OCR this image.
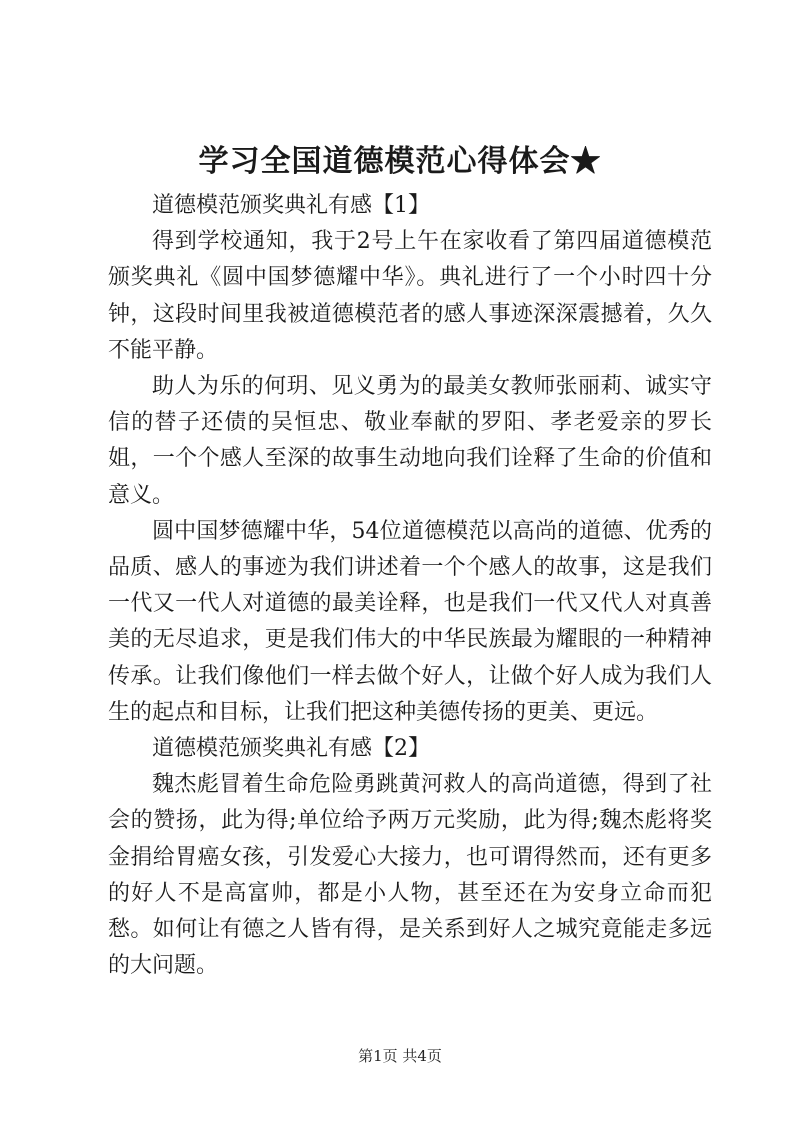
学习全国道德模范心得体会★

道德模范颁奖典礼有感【1】

得到学校通知，我于2号上午在家收看了第四届道德模范颁奖典礼《圆中国梦德耀中华》。典礼进行了一个小时四十分钟，这段时间里我被道德模范者的感人事迹深深震撼着，久久不能平静。

助人为乐的何玥、见义勇为的最美女教师张丽莉、诚实守信的替子还债的吴恒忠、敬业奉献的罗阳、孝老爱亲的罗长姐，一个个感人至深的故事生动地向我们诠释了生命的价值和意义。

圆中国梦德耀中华，54位道德模范以高尚的道德、优秀的品质、感人的事迹为我们讲述着一个个感人的故事，这是我们一代又一代人对道德的最美诠释，也是我们一代又代人对真善美的无尽追求，更是我们伟大的中华民族最为耀眼的一种精神传承。让我们像他们一样去做个好人，让做个好人成为我们人生的起点和目标，让我们把这种美德传扬的更美、更远。

道德模范颁奖典礼有感【2】

魏杰彪冒着生命危险勇跳黄河救人的高尚道德，得到了社会的赞扬，此为得;单位给予两万元奖励，此为得;魏杰彪将奖金捐给胃癌女孩，引发爱心大接力，也可谓得然而，还有更多的好人不是高富帅，都是小人物，甚至还在为安身立命而犯愁。如何让有德之人皆有得，是关系到好人之城究竟能走多远的大问题。

第1页 共4页
